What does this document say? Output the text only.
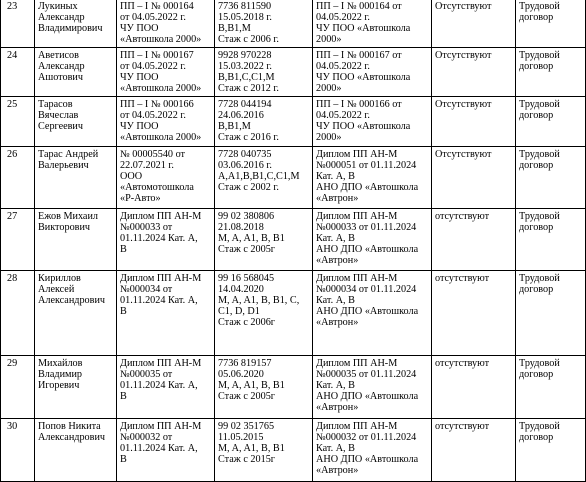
23	Лукиных
Александр
Владимирович	ПП – I № 000164
от 04.05.2022 г.
ЧУ ПОО
«Автошкола 2000»	7736 811590
15.05.2018 г.
B,B1,M
Стаж с 2006 г.	ПП – I № 000164 от
04.05.2022 г.
ЧУ ПОО «Автошкола
2000»	Отсутствуют	Трудовой
договор
24	Аветисов
Александр
Ашотович	ПП – I № 000167
от 04.05.2022 г.
ЧУ ПОО
«Автошкола 2000»	9928 970228
15.03.2022 г.
B,B1,C,C1,M
Стаж с 2012 г.	ПП – I № 000167 от
04.05.2022 г.
ЧУ ПОО «Автошкола
2000»	Отсутствуют	Трудовой
договор
25	Тарасов
Вячеслав
Сергеевич	ПП – I № 000166
от 04.05.2022 г.
ЧУ ПОО
«Автошкола 2000»	7728 044194
24.06.2016
B,B1,M
Стаж с 2016 г.	ПП – I № 000166 от
04.05.2022 г.
ЧУ ПОО «Автошкола
2000»	Отсутствуют	Трудовой
договор
26	Тарас Андрей
Валерьевич	№ 00005540 от
22.07.2021 г.
ООО
«Автомотошкола
«Р-Авто»	7728 040735
03.06.2016 г.
A,A1,B,B1,C,C1,M
Стаж с 2002 г.	Диплом ПП АН-М
№000051 от 01.11.2024
Кат. А, В
АНО ДПО «Автошкола
«Автрон»	Отсутствуют	Трудовой
договор
27	Ежов Михаил
Викторович	Диплом ПП АН-М
№000033 от
01.11.2024 Кат. А,
В	99 02 380806
21.08.2018
M, A, A1, B, B1
Стаж с 2005г	Диплом ПП АН-М
№000033 от 01.11.2024
Кат. А, В
АНО ДПО «Автошкола
«Автрон»	отсутствуют	Трудовой
договор
28	Кириллов
Алексей
Александрович	Диплом ПП АН-М
№000034 от
01.11.2024 Кат. А,
В	99 16 568045
14.04.2020
M, A, A1, B, B1, C,
C1, D, D1
Стаж с 2006г	Диплом ПП АН-М
№000034 от 01.11.2024
Кат. А, В
АНО ДПО «Автошкола
«Автрон»	отсутствуют	Трудовой
договор
29	Михайлов
Владимир
Игоревич	Диплом ПП АН-М
№000035 от
01.11.2024 Кат. А,
В	7736 819157
05.06.2020
M, A, A1, B, B1
Стаж с 2005г	Диплом ПП АН-М
№000035 от 01.11.2024
Кат. А, В
АНО ДПО «Автошкола
«Автрон»	отсутствуют	Трудовой
договор
30	Попов Никита
Александрович	Диплом ПП АН-М
№000032 от
01.11.2024 Кат. А,
В	99 02 351765
11.05.2015
M, A, A1, B, B1
Стаж с 2015г	Диплом ПП АН-М
№000032 от 01.11.2024
Кат. А, В
АНО ДПО «Автошкола
«Автрон»	отсутствуют	Трудовой
договор
